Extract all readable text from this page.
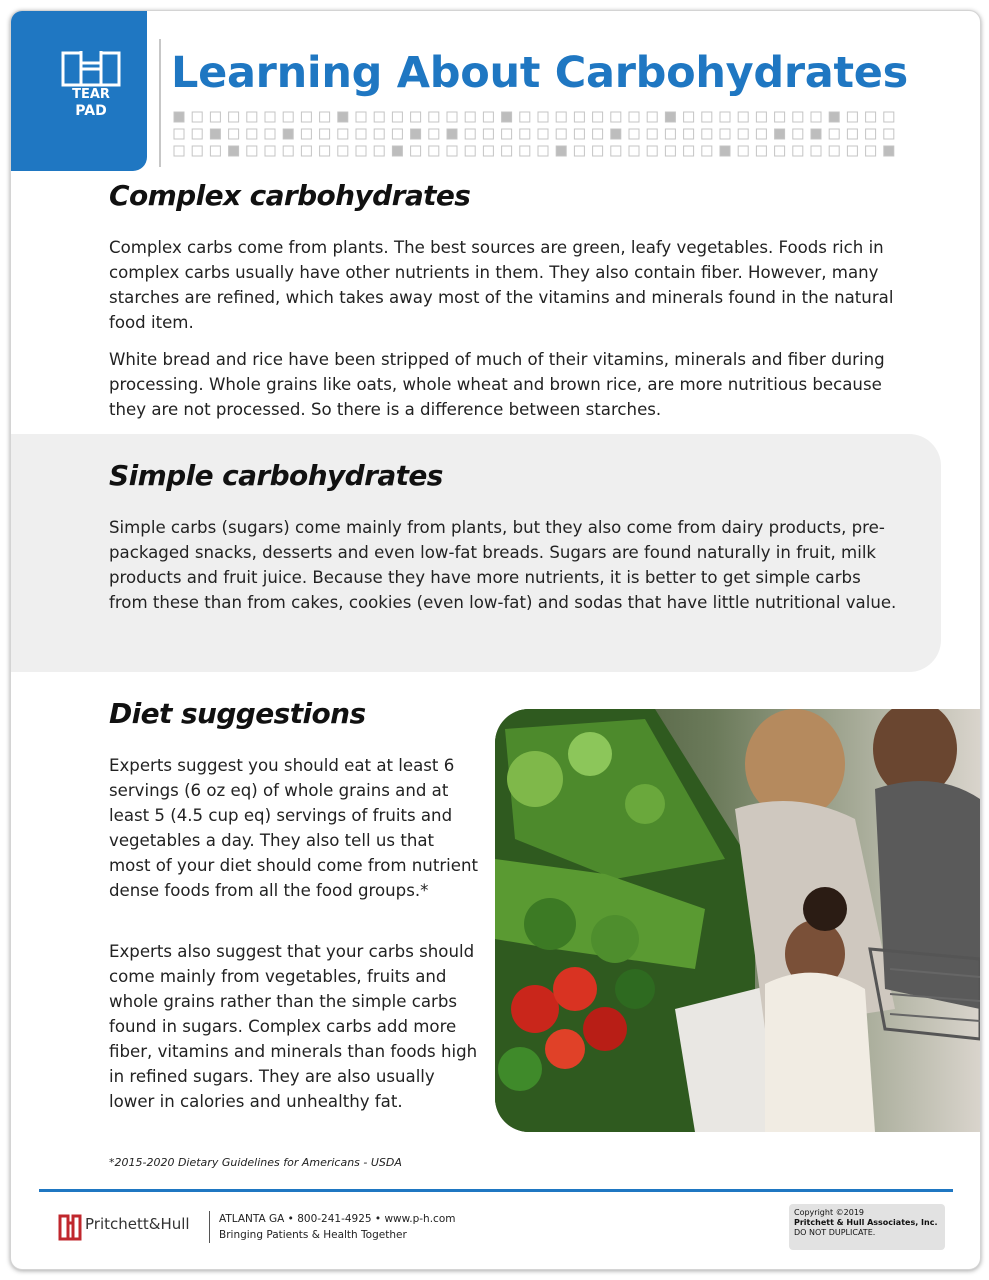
TEAR
PAD
Learning About Carbohydrates
Complex carbohydrates

Complex carbs come from plants. The best sources are green, leafy vegetables. Foods rich in complex carbs usually have other nutrients in them. They also contain fiber. However, many starches are refined, which takes away most of the vitamins and minerals found in the natural food item.

White bread and rice have been stripped of much of their vitamins, minerals and fiber during processing. Whole grains like oats, whole wheat and brown rice, are more nutritious because they are not processed. So there is a difference between starches.

Simple carbohydrates

Simple carbs (sugars) come mainly from plants, but they also come from dairy products, pre-packaged snacks, desserts and even low-fat breads. Sugars are found naturally in fruit, milk products and fruit juice. Because they have more nutrients, it is better to get simple carbs from these than from cakes, cookies (even low-fat) and sodas that have little nutritional value.

Diet suggestions

Experts suggest you should eat at least 6 servings (6 oz eq) of whole grains and at least 5 (4.5 cup eq) servings of fruits and vegetables a day. They also tell us that most of your diet should come from nutrient dense foods from all the food groups.*

Experts also suggest that your carbs should come mainly from vegetables, fruits and whole grains rather than the simple carbs found in sugars. Complex carbs add more fiber, vitamins and minerals than foods high in refined sugars. They are also usually lower in calories and unhealthy fat.

*2015-2020 Dietary Guidelines for Americans - USDA

Pritchett&Hull	ATLANTA GA • 800-241-4925 • www.p-h.com
Bringing Patients & Health Together
Copyright ©2019
Pritchett & Hull Associates, Inc.
DO NOT DUPLICATE.
